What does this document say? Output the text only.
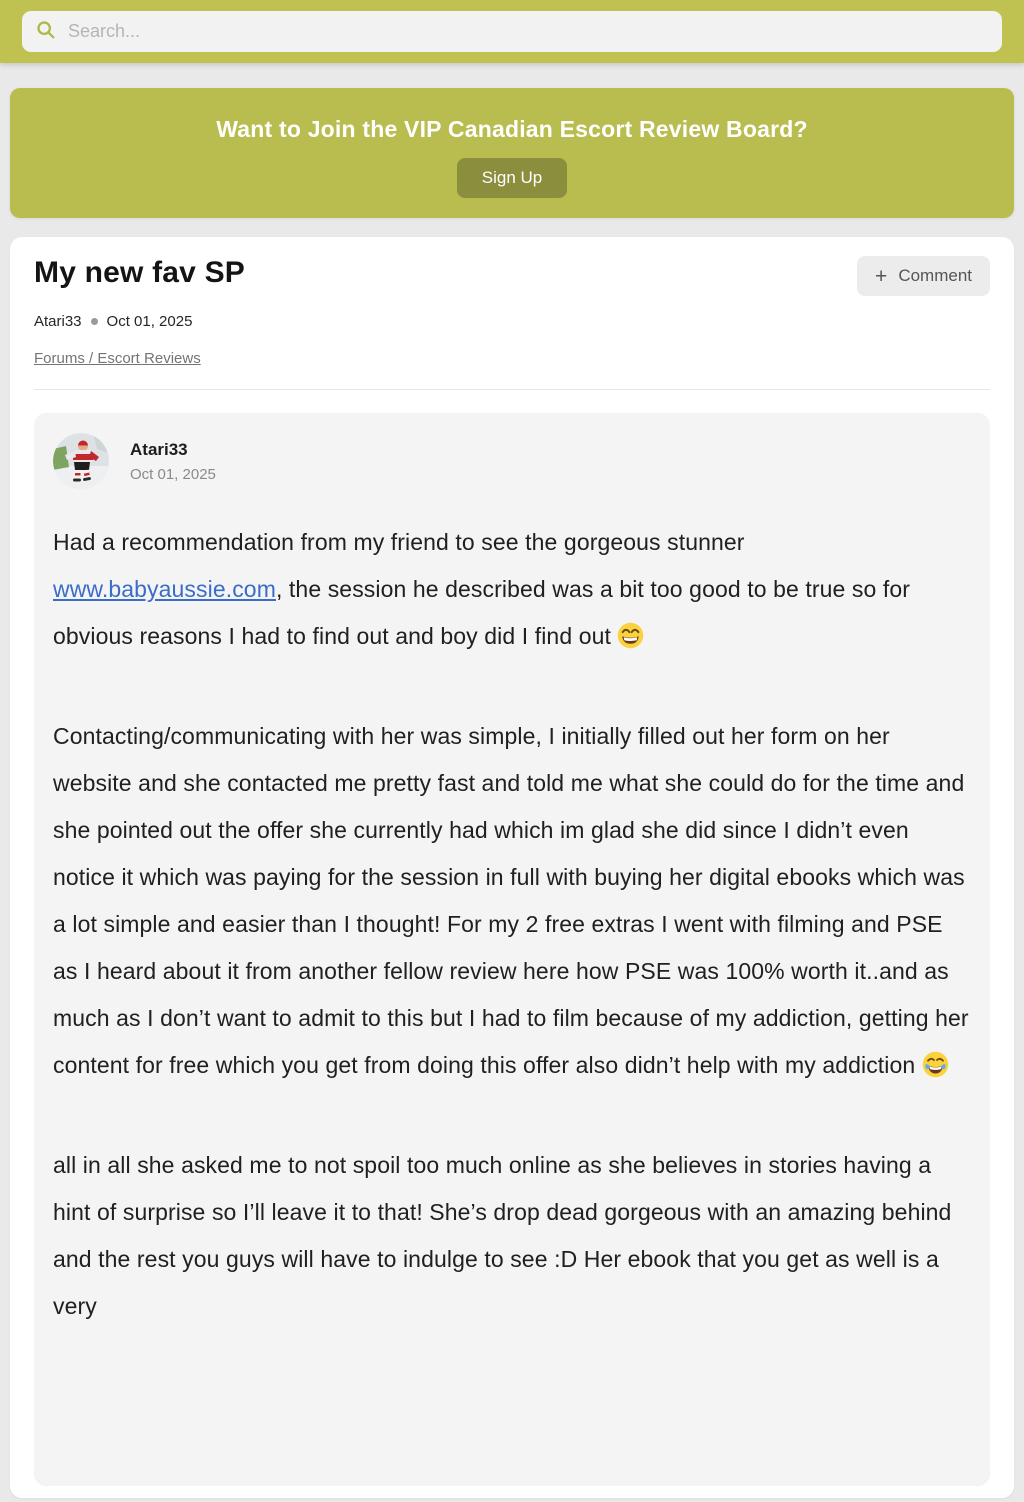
Search...
Want to Join the VIP Canadian Escort Review Board?
Sign Up
My new fav SP	+ Comment
Atari33 Oct 01, 2025
Forums / Escort Reviews
Atari33
Oct 01, 2025

Had a recommendation from my friend to see the gorgeous stunner www.babyaussie.com, the session he described was a bit too good to be true so for obvious reasons I had to find out and boy did I find out

Contacting/communicating with her was simple, I initially filled out her form on her website and she contacted me pretty fast and told me what she could do for the time and she pointed out the offer she currently had which im glad she did since I didn’t even notice it which was paying for the session in full with buying her digital ebooks which was a lot simple and easier than I thought! For my 2 free extras I went with filming and PSE as I heard about it from another fellow review here how PSE was 100% worth it..and as much as I don’t want to admit to this but I had to film because of my addiction, getting her content for free which you get from doing this offer also didn’t help with my addiction

all in all she asked me to not spoil too much online as she believes in stories having a hint of surprise so I’ll leave it to that! She’s drop dead gorgeous with an amazing behind and the rest you guys will have to indulge to see :D Her ebook that you get as well is a very
